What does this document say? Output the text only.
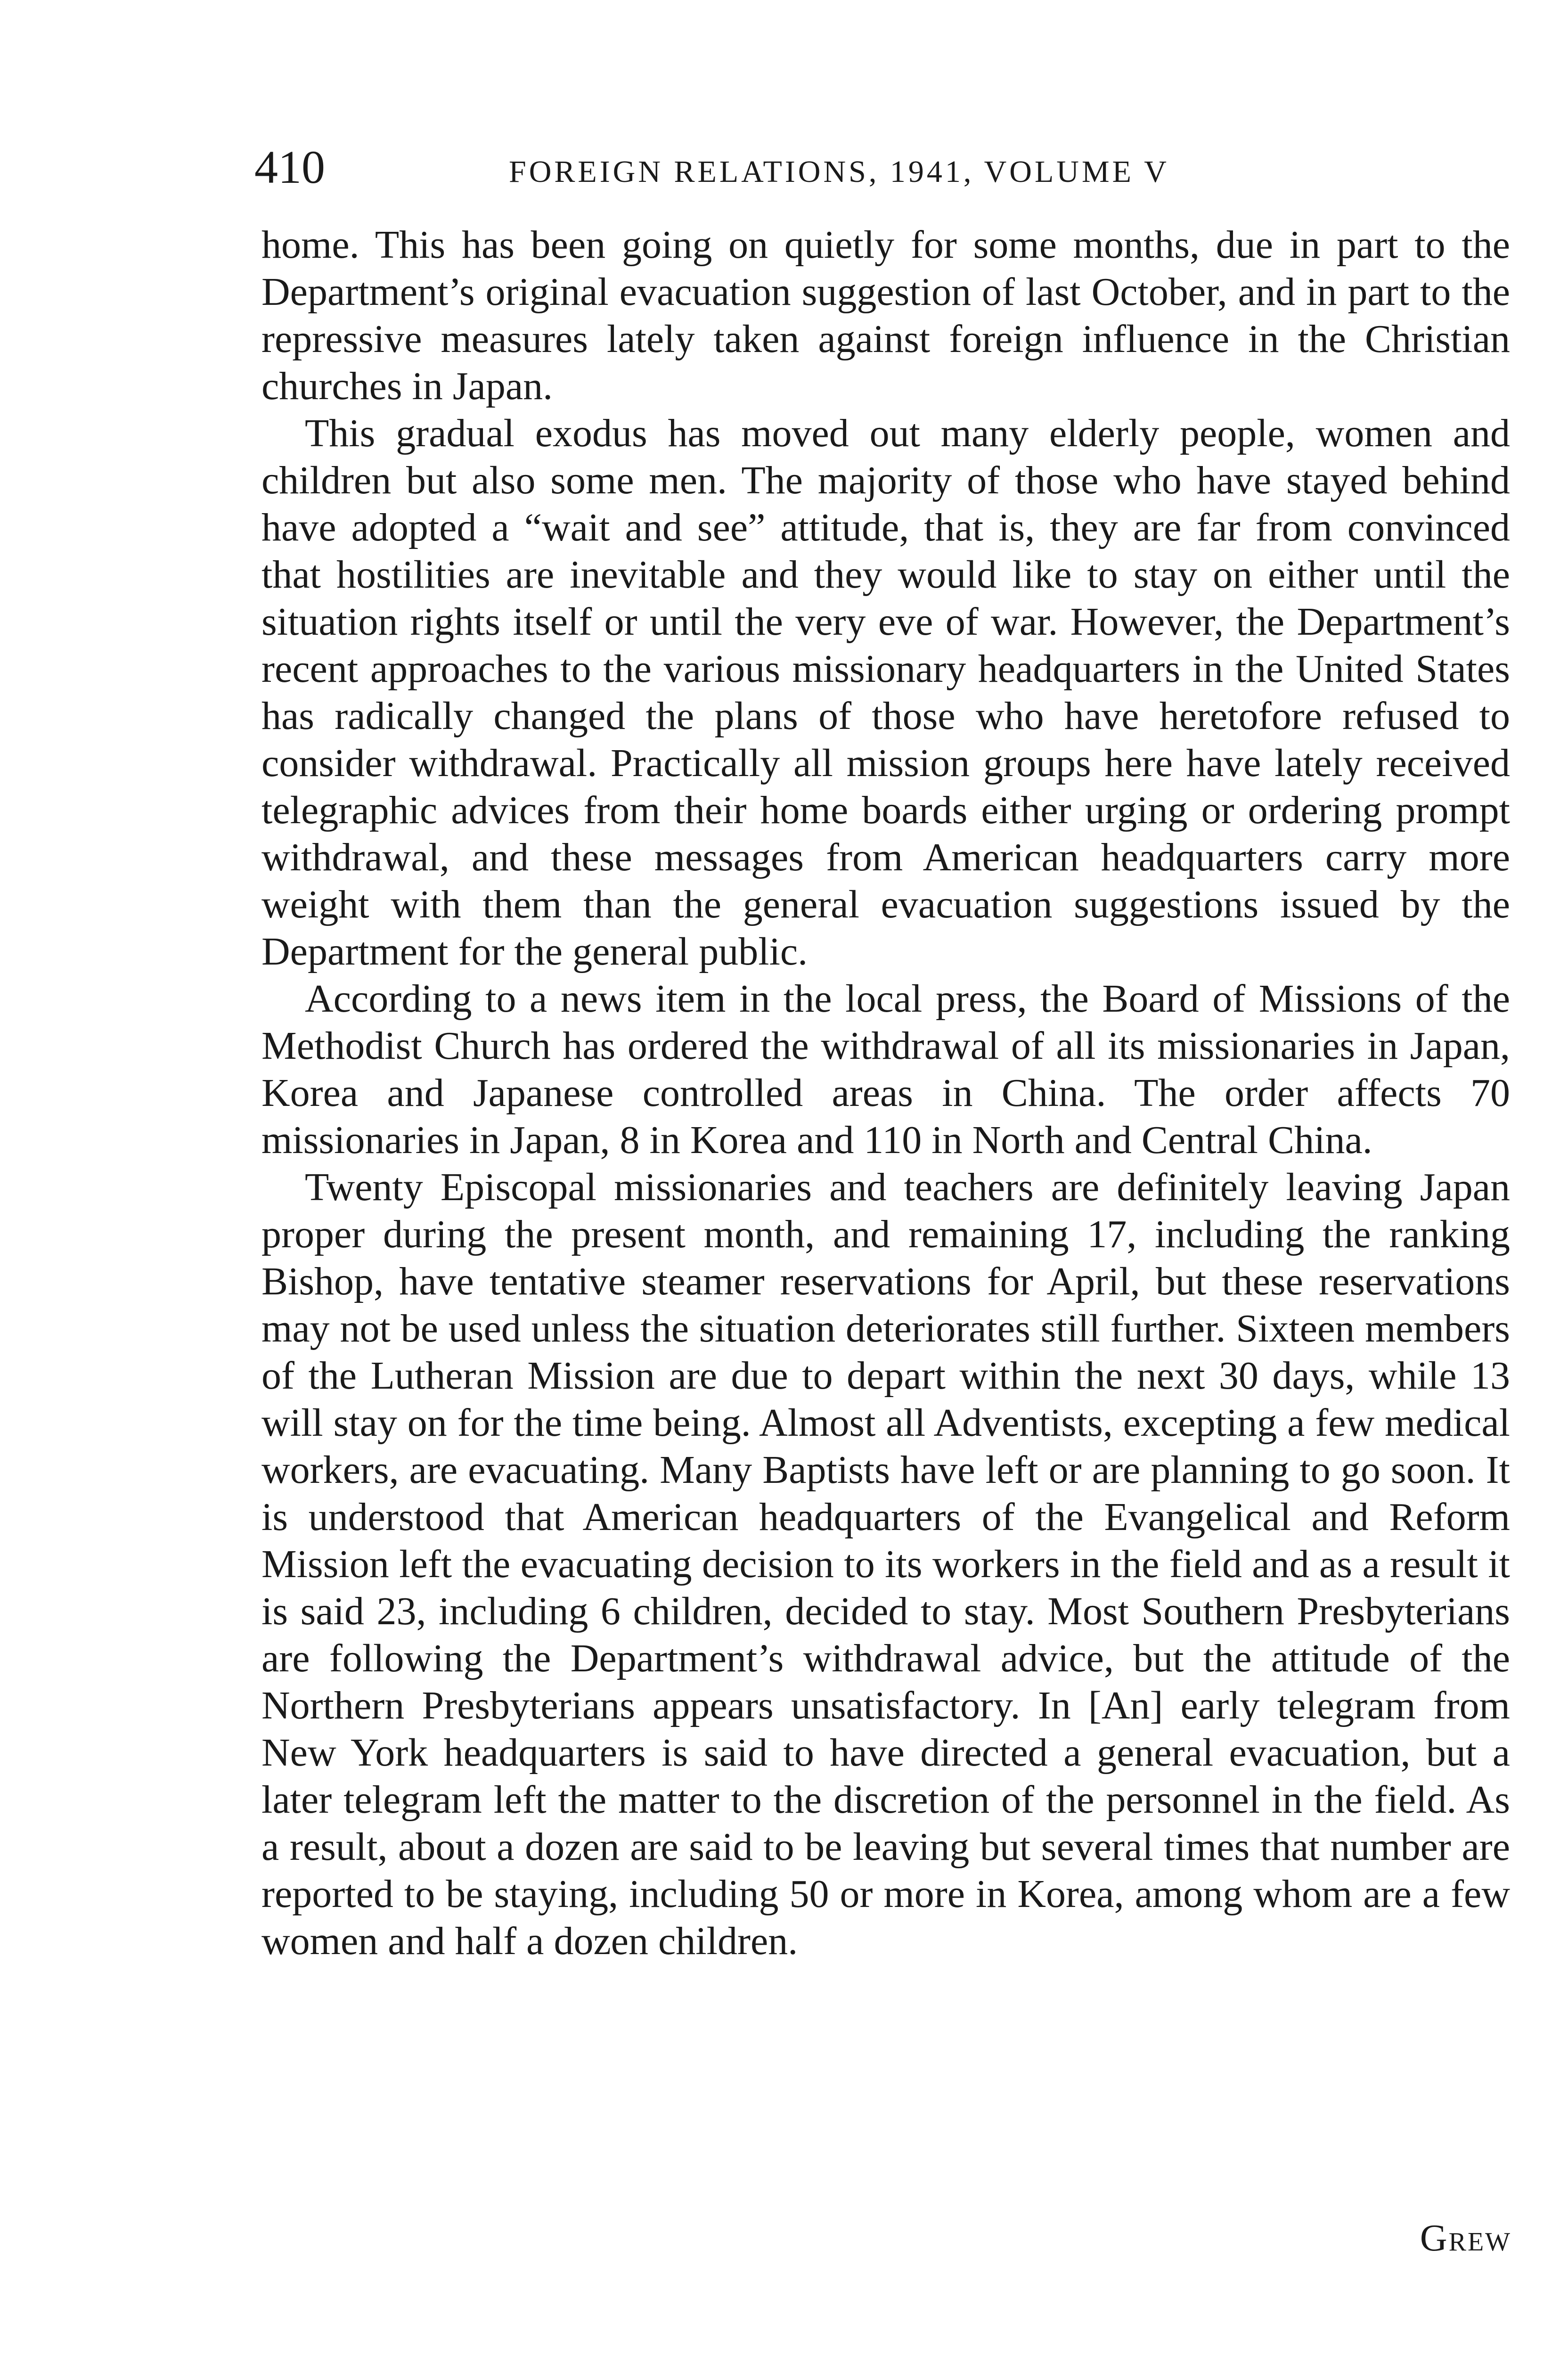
410	FOREIGN RELATIONS, 1941, VOLUME V

home. This has been going on quietly for some months, due in part to the Department’s original evacuation suggestion of last October, and in part to the repressive measures lately taken against foreign influence in the Christian churches in Japan.

This gradual exodus has moved out many elderly people, women and children but also some men. The majority of those who have stayed behind have adopted a “wait and see” attitude, that is, they are far from convinced that hostilities are inevitable and they would like to stay on either until the situation rights itself or until the very eve of war. However, the Department’s recent approaches to the various missionary headquarters in the United States has radically changed the plans of those who have heretofore refused to consider withdrawal. Practically all mission groups here have lately received telegraphic advices from their home boards either urging or ordering prompt withdrawal, and these messages from American headquarters carry more weight with them than the general evacuation suggestions issued by the Department for the general public.

According to a news item in the local press, the Board of Missions of the Methodist Church has ordered the withdrawal of all its missionaries in Japan, Korea and Japanese controlled areas in China. The order affects 70 missionaries in Japan, 8 in Korea and 110 in North and Central China.

Twenty Episcopal missionaries and teachers are definitely leaving Japan proper during the present month, and remaining 17, including the ranking Bishop, have tentative steamer reservations for April, but these reservations may not be used unless the situation deteriorates still further. Sixteen members of the Lutheran Mission are due to depart within the next 30 days, while 13 will stay on for the time being. Almost all Adventists, excepting a few medical workers, are evacuating. Many Baptists have left or are planning to go soon. It is understood that American headquarters of the Evangelical and Reform Mission left the evacuating decision to its workers in the field and as a result it is said 23, including 6 children, decided to stay. Most Southern Presbyterians are following the Department’s withdrawal advice, but the attitude of the Northern Presbyterians appears unsatisfactory. In [An] early telegram from New York headquarters is said to have directed a general evacuation, but a later telegram left the matter to the discretion of the personnel in the field. As a result, about a dozen are said to be leaving but several times that number are reported to be staying, including 50 or more in Korea, among whom are a few women and half a dozen children.

Grew
